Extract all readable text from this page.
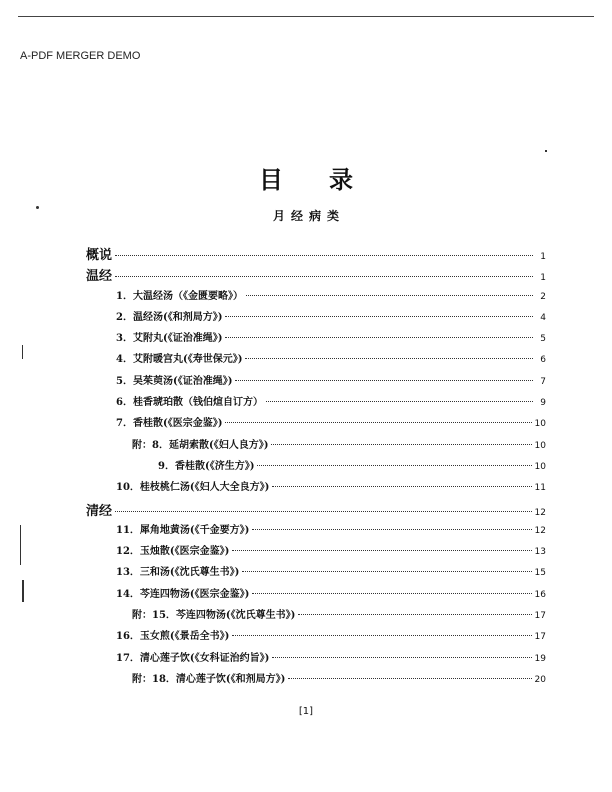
A-PDF MERGER DEMO
目录
月经病类
概说	1
温经	1
1．大温经汤（《金匮要略》）	2
2．温经汤(《和剂局方》)	4
3．艾附丸(《证治准绳》)	5
4．艾附暖宫丸(《寿世保元》)	6
5．吴茱萸汤(《证治准绳》)	7
6．桂香琥珀散（钱伯煊自订方）	9
7．香桂散(《医宗金鉴》)	10
附：8．延胡索散(《妇人良方》)	10
9．香桂散(《济生方》)	10
10．桂枝桃仁汤(《妇人大全良方》)	11
清经	12
11．犀角地黄汤(《千金要方》)	12
12．玉烛散(《医宗金鉴》)	13
13．三和汤(《沈氏尊生书》)	15
14．芩连四物汤(《医宗金鉴》)	16
附：15．芩连四物汤(《沈氏尊生书》)	17
16．玉女煎(《景岳全书》)	17
17．清心莲子饮(《女科证治约旨》)	19
附：18．清心莲子饮(《和剂局方》)	20
[1]
